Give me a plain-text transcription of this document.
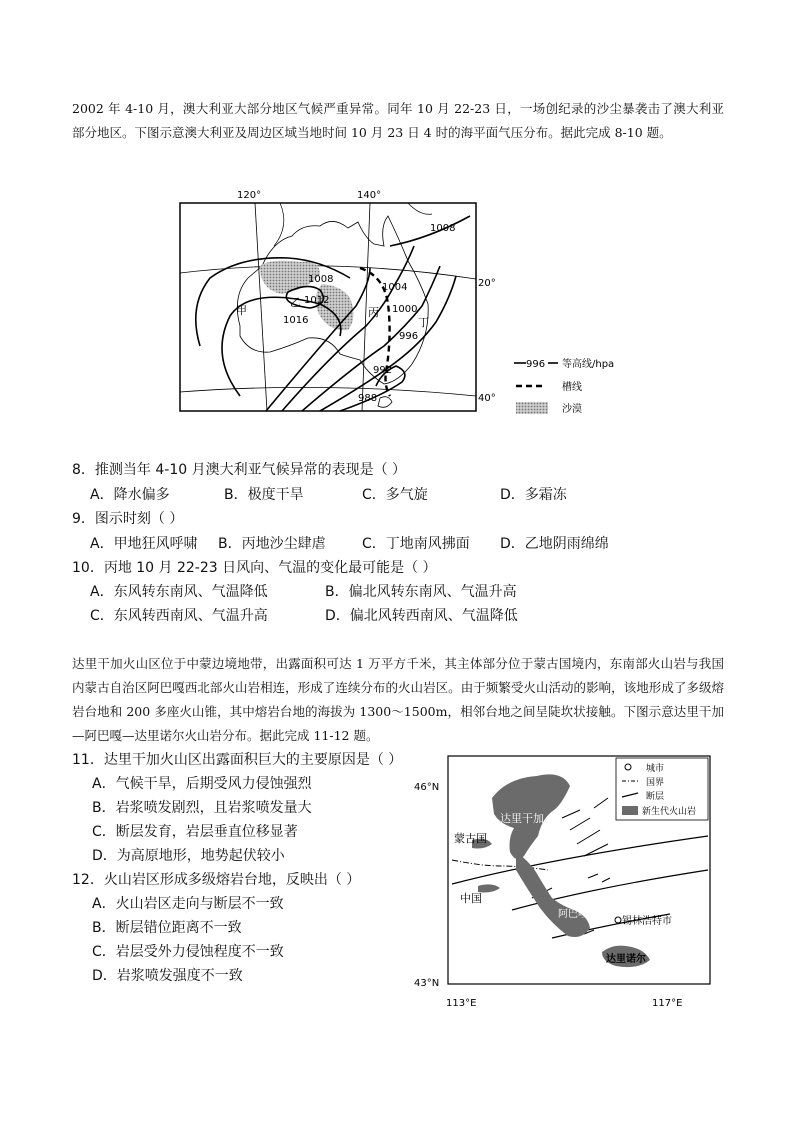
2002 年 4-10 月，澳大利亚大部分地区气候严重异常。同年 10 月 22-23 日，一场创纪录的沙尘暴袭击了澳大利亚部分地区。下图示意澳大利亚及周边区域当地时间 10 月 23 日 4 时的海平面气压分布。据此完成 8-10 题。

120°	140°
20°
40°
1008
1008
1012
1016
1004
1000
996
992
988
甲
乙
丙
丁
996 等高线/hpa
槽线
沙漠
8．推测当年 4-10 月澳大利亚气候异常的表现是（ ）
A．降水偏多	B．极度干旱	C．多气旋	D．多霜冻
9．图示时刻（ ）
A．甲地狂风呼啸 B．丙地沙尘肆虐	C．丁地南风拂面 D．乙地阴雨绵绵
10．丙地 10 月 22-23 日风向、气温的变化最可能是（ ）
A．东风转东南风、气温降低	B．偏北风转东南风、气温升高
C．东风转西南风、气温升高	D．偏北风转西南风、气温降低

达里干加火山区位于中蒙边境地带，出露面积可达 1 万平方千米，其主体部分位于蒙古国境内，东南部火山岩与我国内蒙古自治区阿巴嘎西北部火山岩相连，形成了连续分布的火山岩区。由于频繁受火山活动的影响，该地形成了多级熔岩台地和 200 多座火山锥，其中熔岩台地的海拔为 1300～1500m，相邻台地之间呈陡坎状接触。下图示意达里干加—阿巴嘎—达里诺尔火山岩分布。据此完成 11-12 题。

11．达里干加火山区出露面积巨大的主要原因是（ ）
A．气候干旱，后期受风力侵蚀强烈
B．岩浆喷发剧烈，且岩浆喷发量大
C．断层发育，岩层垂直位移显著
D．为高原地形，地势起伏较小
12．火山岩区形成多级熔岩台地，反映出（ ）
A．火山岩区走向与断层不一致
B．断层错位距离不一致
C．岩层受外力侵蚀程度不一致
D．岩浆喷发强度不一致
46°N
43°N
113°E	117°E
达里干加
蒙古国
中国
阿巴嘎
锡林浩特市
达里诺尔
城市
国界
断层
新生代火山岩
